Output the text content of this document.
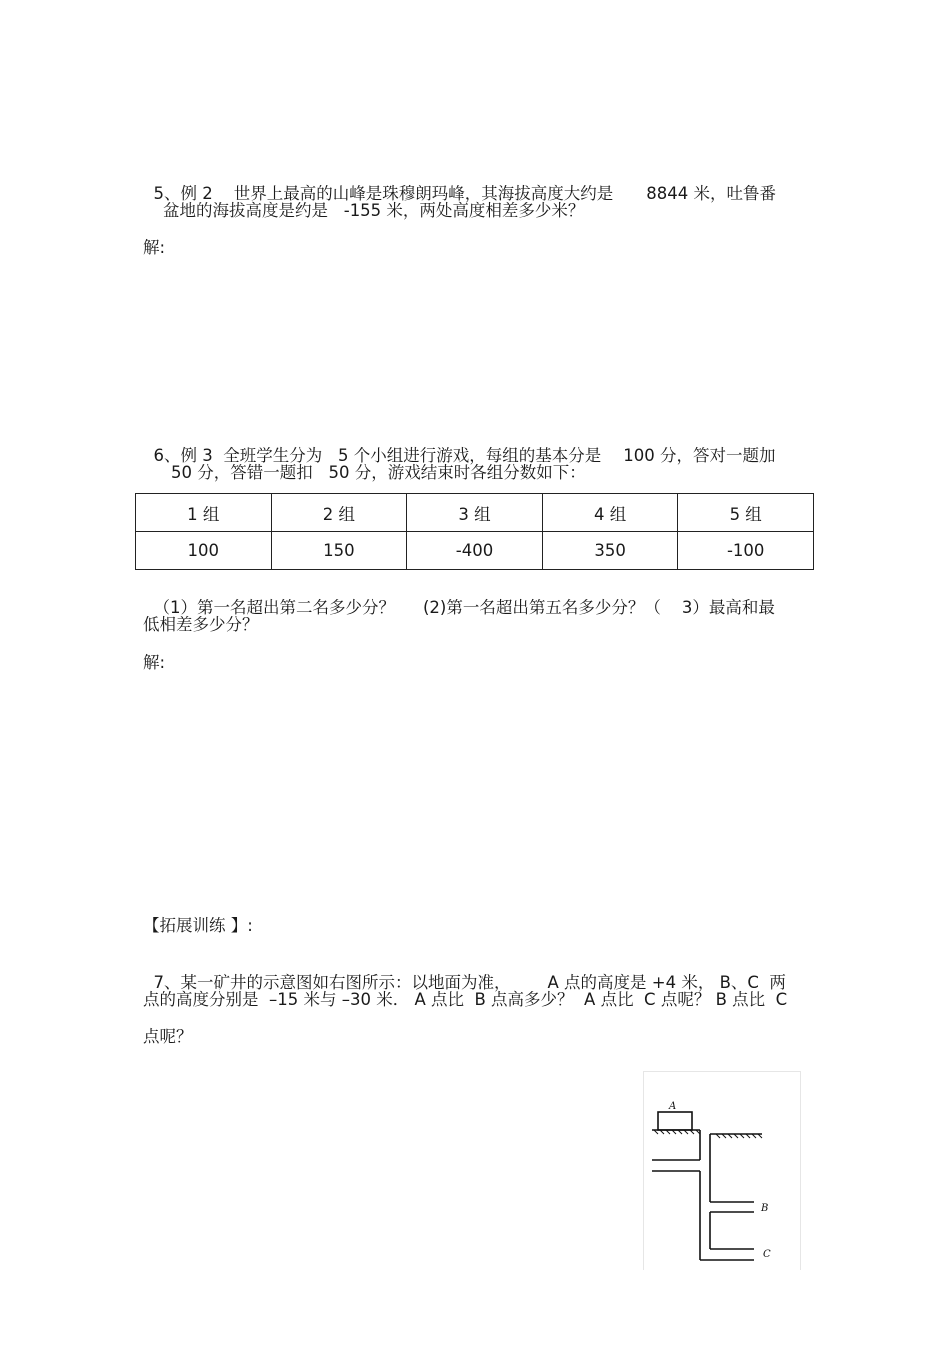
5、例 2    世界上最高的山峰是珠穆朗玛峰，其海拔高度大约是 8844 米，吐鲁番

盆地的海拔高度是约是   -155 米，两处高度相差多少米？
解:

6、例 3  全班学生分为   5 个小组进行游戏，每组的基本分是 100 分，答对一题加

50 分，答错一题扣   50 分，游戏结束时各组分数如下：
1 组	2 组	3 组	4 组	5 组
100	150	-400	350	-100

（1）第一名超出第二名多少分？ (2)第一名超出第五名多少分？（    3）最高和最

低相差多少分？
解:
【拓展训练 】:

7、某一矿井的示意图如右图所示：以地面为准， A 点的高度是 +4 米， B、C  两

点的高度分别是  –15 米与 –30 米． A 点比  B 点高多少？  A 点比  C 点呢？ B 点比  C
点呢？
A
B
C
